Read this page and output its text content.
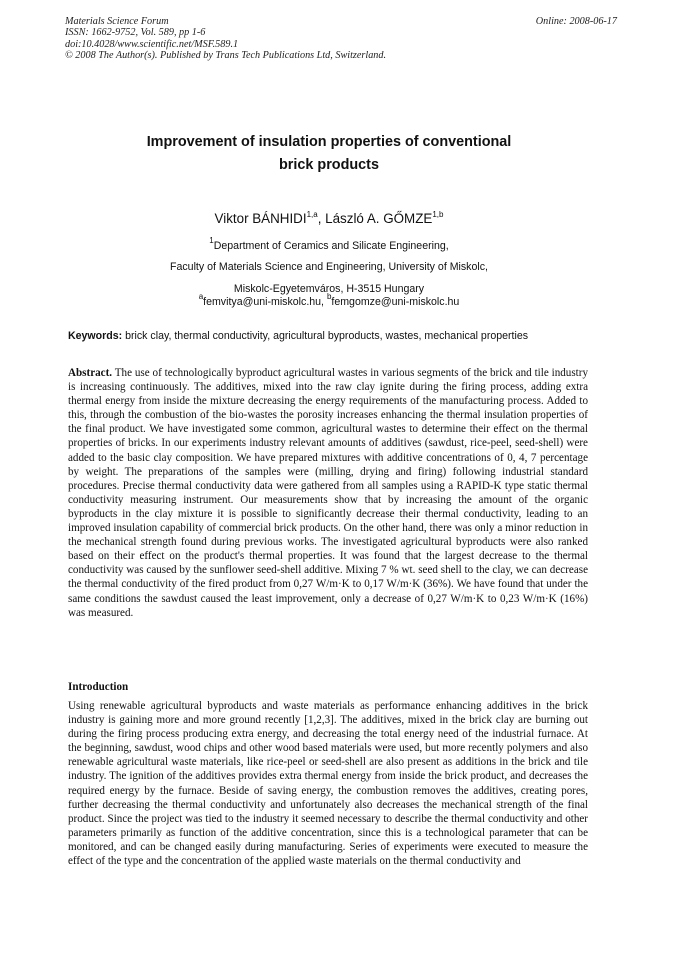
Materials Science Forum
ISSN: 1662-9752, Vol. 589, pp 1-6
doi:10.4028/www.scientific.net/MSF.589.1
© 2008 The Author(s). Published by Trans Tech Publications Ltd, Switzerland.
Online: 2008-06-17
Improvement of insulation properties of conventional
brick products
Viktor BÁNHIDI$^{1,a}$, László A. GŐMZE$^{1,b}$
$^1$Department of Ceramics and Silicate Engineering,
Faculty of Materials Science and Engineering, University of Miskolc,
Miskolc-Egyetemváros, H-3515 Hungary
$^a$femvitya@uni-miskolc.hu, $^b$femgomze@uni-miskolc.hu
Keywords: brick clay, thermal conductivity, agricultural byproducts, wastes, mechanical properties
Abstract. The use of technologically byproduct agricultural wastes in various segments of the brick and tile industry is increasing continuously. The additives, mixed into the raw clay ignite during the firing process, adding extra thermal energy from inside the mixture decreasing the energy requirements of the manufacturing process. Added to this, through the combustion of the bio-wastes the porosity increases enhancing the thermal insulation properties of the final product. We have investigated some common, agricultural wastes to determine their effect on the thermal properties of bricks. In our experiments industry relevant amounts of additives (sawdust, rice-peel, seed-shell) were added to the basic clay composition. We have prepared mixtures with additive concentrations of 0, 4, 7 percentage by weight. The preparations of the samples were (milling, drying and firing) following industrial standard procedures. Precise thermal conductivity data were gathered from all samples using a RAPID-K type static thermal conductivity measuring instrument. Our measurements show that by increasing the amount of the organic byproducts in the clay mixture it is possible to significantly decrease their thermal conductivity, leading to an improved insulation capability of commercial brick products. On the other hand, there was only a minor reduction in the mechanical strength found during previous works. The investigated agricultural byproducts were also ranked based on their effect on the product's thermal properties. It was found that the largest decrease to the thermal conductivity was caused by the sunflower seed-shell additive. Mixing 7 % wt. seed shell to the clay, we can decrease the thermal conductivity of the fired product from 0,27 W/m·K to 0,17 W/m·K (36%). We have found that under the same conditions the sawdust caused the least improvement, only a decrease of 0,27 W/m·K to 0,23 W/m·K (16%) was measured.
Introduction
Using renewable agricultural byproducts and waste materials as performance enhancing additives in the brick industry is gaining more and more ground recently [1,2,3]. The additives, mixed in the brick clay are burning out during the firing process producing extra energy, and decreasing the total energy need of the industrial furnace. At the beginning, sawdust, wood chips and other wood based materials were used, but more recently polymers and also renewable agricultural waste materials, like rice-peel or seed-shell are also present as additions in the brick and tile industry. The ignition of the additives provides extra thermal energy from inside the brick product, and decreases the required energy by the furnace. Beside of saving energy, the combustion removes the additives, creating pores, further decreasing the thermal conductivity and unfortunately also decreases the mechanical strength of the final product. Since the project was tied to the industry it seemed necessary to describe the thermal conductivity and other parameters primarily as function of the additive concentration, since this is a technological parameter that can be monitored, and can be changed easily during manufacturing. Series of experiments were executed to measure the effect of the type and the concentration of the applied waste materials on the thermal conductivity and
